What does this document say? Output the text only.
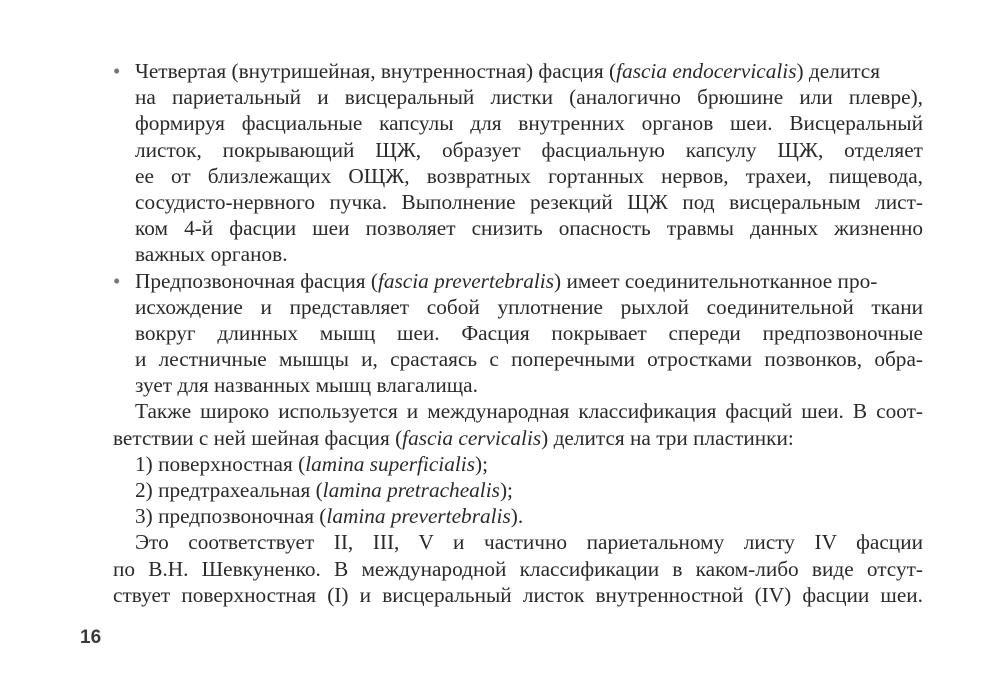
• Четвертая (внутришейная, внутренностная) фасция (fascia endocervicalis) делится
на париетальный и висцеральный листки (аналогично брюшине или плевре),
формируя фасциальные капсулы для внутренних органов шеи. Висцеральный
листок, покрывающий ЩЖ, образует фасциальную капсулу ЩЖ, отделяет
ее от близлежащих ОЩЖ, возвратных гортанных нервов, трахеи, пищевода,
сосудисто-нервного пучка. Выполнение резекций ЩЖ под висцеральным лист-
ком 4-й фасции шеи позволяет снизить опасность травмы данных жизненно
важных органов.
• Предпозвоночная фасция (fascia prevertebralis) имеет соединительнотканное про-
исхождение и представляет собой уплотнение рыхлой соединительной ткани
вокруг длинных мышц шеи. Фасция покрывает спереди предпозвоночные
и лестничные мышцы и, срастаясь с поперечными отростками позвонков, обра-
зует для названных мышц влагалища.
Также широко используется и международная классификация фасций шеи. В соот-
ветствии с ней шейная фасция (fascia cervicalis) делится на три пластинки:
1) поверхностная (lamina superficialis);
2) предтрахеальная (lamina pretrachealis);
3) предпозвоночная (lamina prevertebralis).
Это соответствует II, III, V и частично париетальному листу IV фасции
по В.Н. Шевкуненко. В международной классификации в каком-либо виде отсут-
ствует поверхностная (I) и висцеральный листок внутренностной (IV) фасции шеи.
16
